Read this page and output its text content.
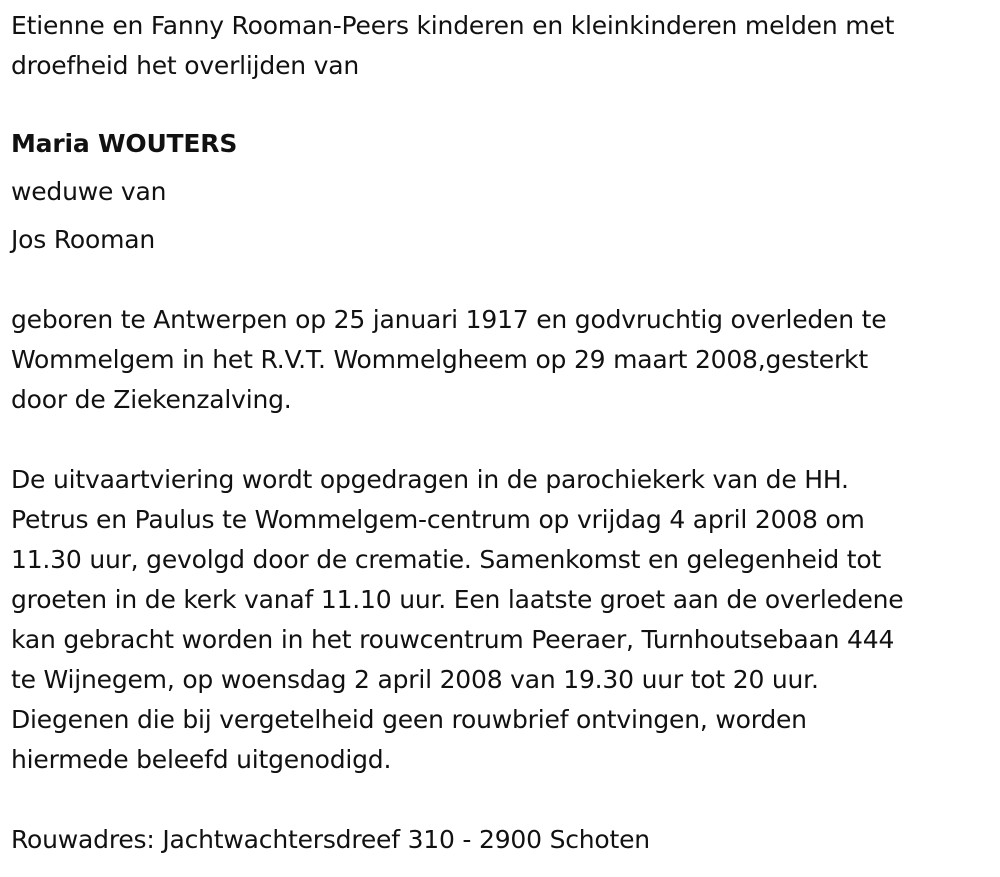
Etienne en Fanny Rooman-Peers kinderen en kleinkinderen melden met
droefheid het overlijden van
Maria WOUTERS
weduwe van
Jos Rooman
geboren te Antwerpen op 25 januari 1917 en godvruchtig overleden te
Wommelgem in het R.V.T. Wommelgheem op 29 maart 2008,gesterkt
door de Ziekenzalving.
De uitvaartviering wordt opgedragen in de parochiekerk van de HH.
Petrus en Paulus te Wommelgem-centrum op vrijdag 4 april 2008 om
11.30 uur, gevolgd door de crematie. Samenkomst en gelegenheid tot
groeten in de kerk vanaf 11.10 uur. Een laatste groet aan de overledene
kan gebracht worden in het rouwcentrum Peeraer, Turnhoutsebaan 444
te Wijnegem, op woensdag 2 april 2008 van 19.30 uur tot 20 uur.
Diegenen die bij vergetelheid geen rouwbrief ontvingen, worden
hiermede beleefd uitgenodigd.
Rouwadres: Jachtwachtersdreef 310 - 2900 Schoten
